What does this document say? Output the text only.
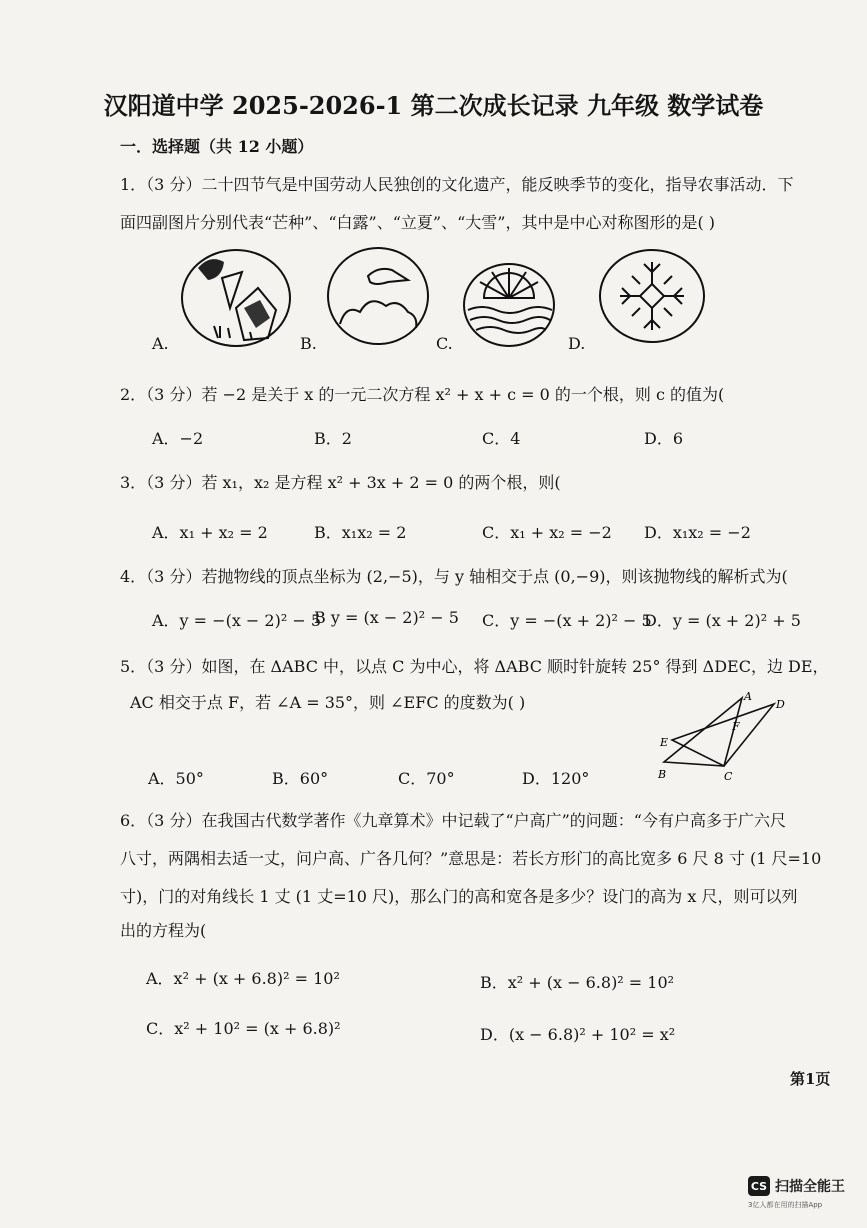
汉阳道中学 2025-2026-1 第二次成长记录 九年级 数学试卷
一．选择题（共 12 小题）
1．（3 分）二十四节气是中国劳动人民独创的文化遗产，能反映季节的变化，指导农事活动．下
面四副图片分别代表“芒种”、“白露”、“立夏”、“大雪”，其中是中心对称图形的是( )
A.	B.	C.	D.
2．（3 分）若 −2 是关于 x 的一元二次方程 x² + x + c = 0 的一个根，则 c 的值为(
A．−2	B．2	C．4	D．6
3．（3 分）若 x₁，x₂ 是方程 x² + 3x + 2 = 0 的两个根，则(
A．x₁ + x₂ = 2	B．x₁x₂ = 2	C．x₁ + x₂ = −2 D．x₁x₂ = −2
4．（3 分）若抛物线的顶点坐标为 (2,−5)，与 y 轴相交于点 (0,−9)，则该抛物线的解析式为(
A．y = −(x − 2)² − 5
B y = (x − 2)² − 5 C．y = −(x + 2)² − 5
D．y = (x + 2)² + 5
5．（3 分）如图，在 ΔABC 中，以点 C 为中心，将 ΔABC 顺时针旋转 25° 得到 ΔDEC，边 DE，
AC 相交于点 F，若 ∠A = 35°，则 ∠EFC 的度数为( )
A．50°	B．60°	C．70°	D．120°
A
D
F
E
B	C
6．（3 分）在我国古代数学著作《九章算术》中记载了“户高广”的问题：“今有户高多于广六尺
八寸，两隅相去适一丈，问户高、广各几何？”意思是：若长方形门的高比宽多 6 尺 8 寸 (1 尺=10
寸)，门的对角线长 1 丈 (1 丈=10 尺)，那么门的高和宽各是多少？设门的高为 x 尺，则可以列
出的方程为(
A．x² + (x + 6.8)² = 10²	B．x² + (x − 6.8)² = 10²
C．x² + 10² = (x + 6.8)²	D．(x − 6.8)² + 10² = x²
第1页
CS 扫描全能王
3亿人都在用的扫描App
